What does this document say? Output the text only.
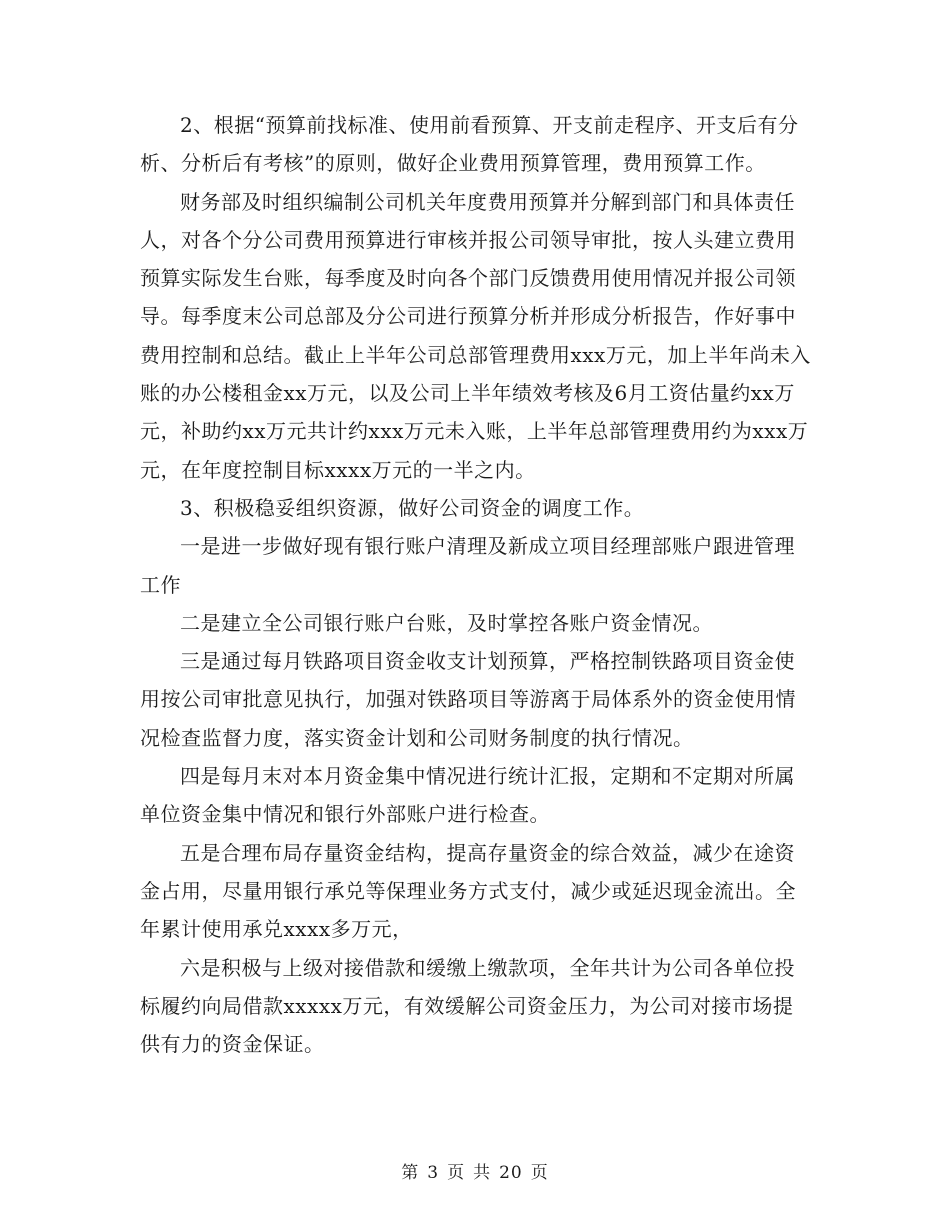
2、根据“预算前找标准、使用前看预算、开支前走程序、开支后有分析、分析后有考核”的原则，做好企业费用预算管理，费用预算工作。

财务部及时组织编制公司机关年度费用预算并分解到部门和具体责任人，对各个分公司费用预算进行审核并报公司领导审批，按人头建立费用预算实际发生台账，每季度及时向各个部门反馈费用使用情况并报公司领导。每季度末公司总部及分公司进行预算分析并形成分析报告，作好事中费用控制和总结。截止上半年公司总部管理费用xxx万元，加上半年尚未入账的办公楼租金xx万元，以及公司上半年绩效考核及6月工资估量约xx万元，补助约xx万元共计约xxx万元未入账，上半年总部管理费用约为xxx万元，在年度控制目标xxxx万元的一半之内。

3、积极稳妥组织资源，做好公司资金的调度工作。

一是进一步做好现有银行账户清理及新成立项目经理部账户跟进管理工作

二是建立全公司银行账户台账，及时掌控各账户资金情况。

三是通过每月铁路项目资金收支计划预算，严格控制铁路项目资金使用按公司审批意见执行，加强对铁路项目等游离于局体系外的资金使用情况检查监督力度，落实资金计划和公司财务制度的执行情况。

四是每月末对本月资金集中情况进行统计汇报，定期和不定期对所属单位资金集中情况和银行外部账户进行检查。

五是合理布局存量资金结构，提高存量资金的综合效益，减少在途资金占用，尽量用银行承兑等保理业务方式支付，减少或延迟现金流出。全年累计使用承兑xxxx多万元，

六是积极与上级对接借款和缓缴上缴款项，全年共计为公司各单位投标履约向局借款xxxxx万元，有效缓解公司资金压力，为公司对接市场提供有力的资金保证。

第 3 页 共 20 页
